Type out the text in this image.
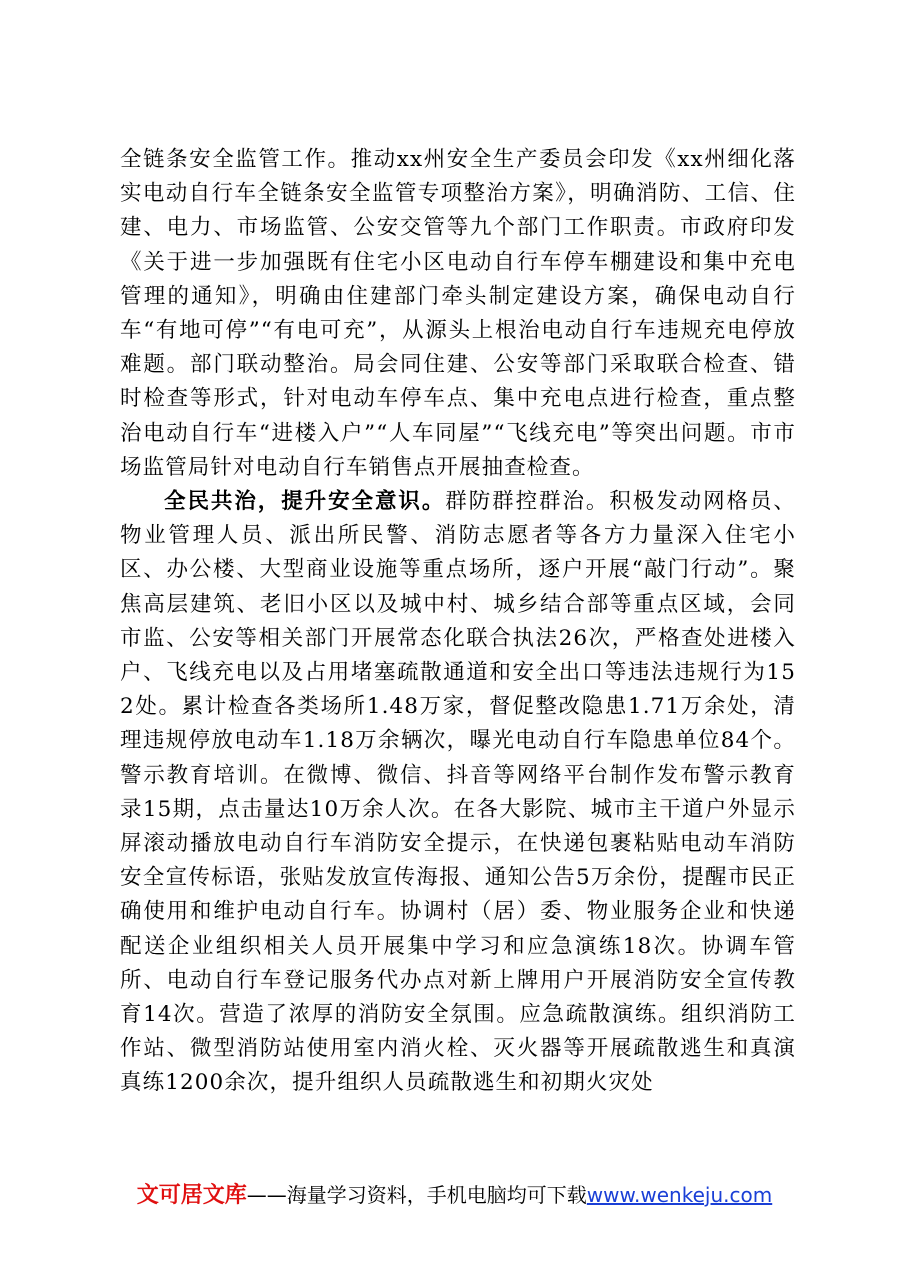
全链条安全监管工作。推动xx州安全生产委员会印发《xx州细化落实电动自行车全链条安全监管专项整治方案》，明确消防、工信、住建、电力、市场监管、公安交管等九个部门工作职责。市政府印发《关于进一步加强既有住宅小区电动自行车停车棚建设和集中充电管理的通知》，明确由住建部门牵头制定建设方案，确保电动自行车“有地可停”“有电可充”，从源头上根治电动自行车违规充电停放难题。部门联动整治。局会同住建、公安等部门采取联合检查、错时检查等形式，针对电动车停车点、集中充电点进行检查，重点整治电动自行车“进楼入户”“人车同屋”“飞线充电”等突出问题。市市场监管局针对电动自行车销售点开展抽查检查。

全民共治，提升安全意识。群防群控群治。积极发动网格员、物业管理人员、派出所民警、消防志愿者等各方力量深入住宅小区、办公楼、大型商业设施等重点场所，逐户开展“敲门行动”。聚焦高层建筑、老旧小区以及城中村、城乡结合部等重点区域，会同市监、公安等相关部门开展常态化联合执法26次，严格查处进楼入户、飞线充电以及占用堵塞疏散通道和安全出口等违法违规行为152处。累计检查各类场所1.48万家，督促整改隐患1.71万余处，清理违规停放电动车1.18万余辆次，曝光电动自行车隐患单位84个。警示教育培训。在微博、微信、抖音等网络平台制作发布警示教育录15期，点击量达10万余人次。在各大影院、城市主干道户外显示屏滚动播放电动自行车消防安全提示，在快递包裹粘贴电动车消防安全宣传标语，张贴发放宣传海报、通知公告5万余份，提醒市民正确使用和维护电动自行车。协调村（居）委、物业服务企业和快递配送企业组织相关人员开展集中学习和应急演练18次。协调车管所、电动自行车登记服务代办点对新上牌用户开展消防安全宣传教育14次。营造了浓厚的消防安全氛围。应急疏散演练。组织消防工作站、微型消防站使用室内消火栓、灭火器等开展疏散逃生和真演真练1200余次，提升组织人员疏散逃生和初期火灾处

文可居文库——海量学习资料，手机电脑均可下载www.wenkeju.com
